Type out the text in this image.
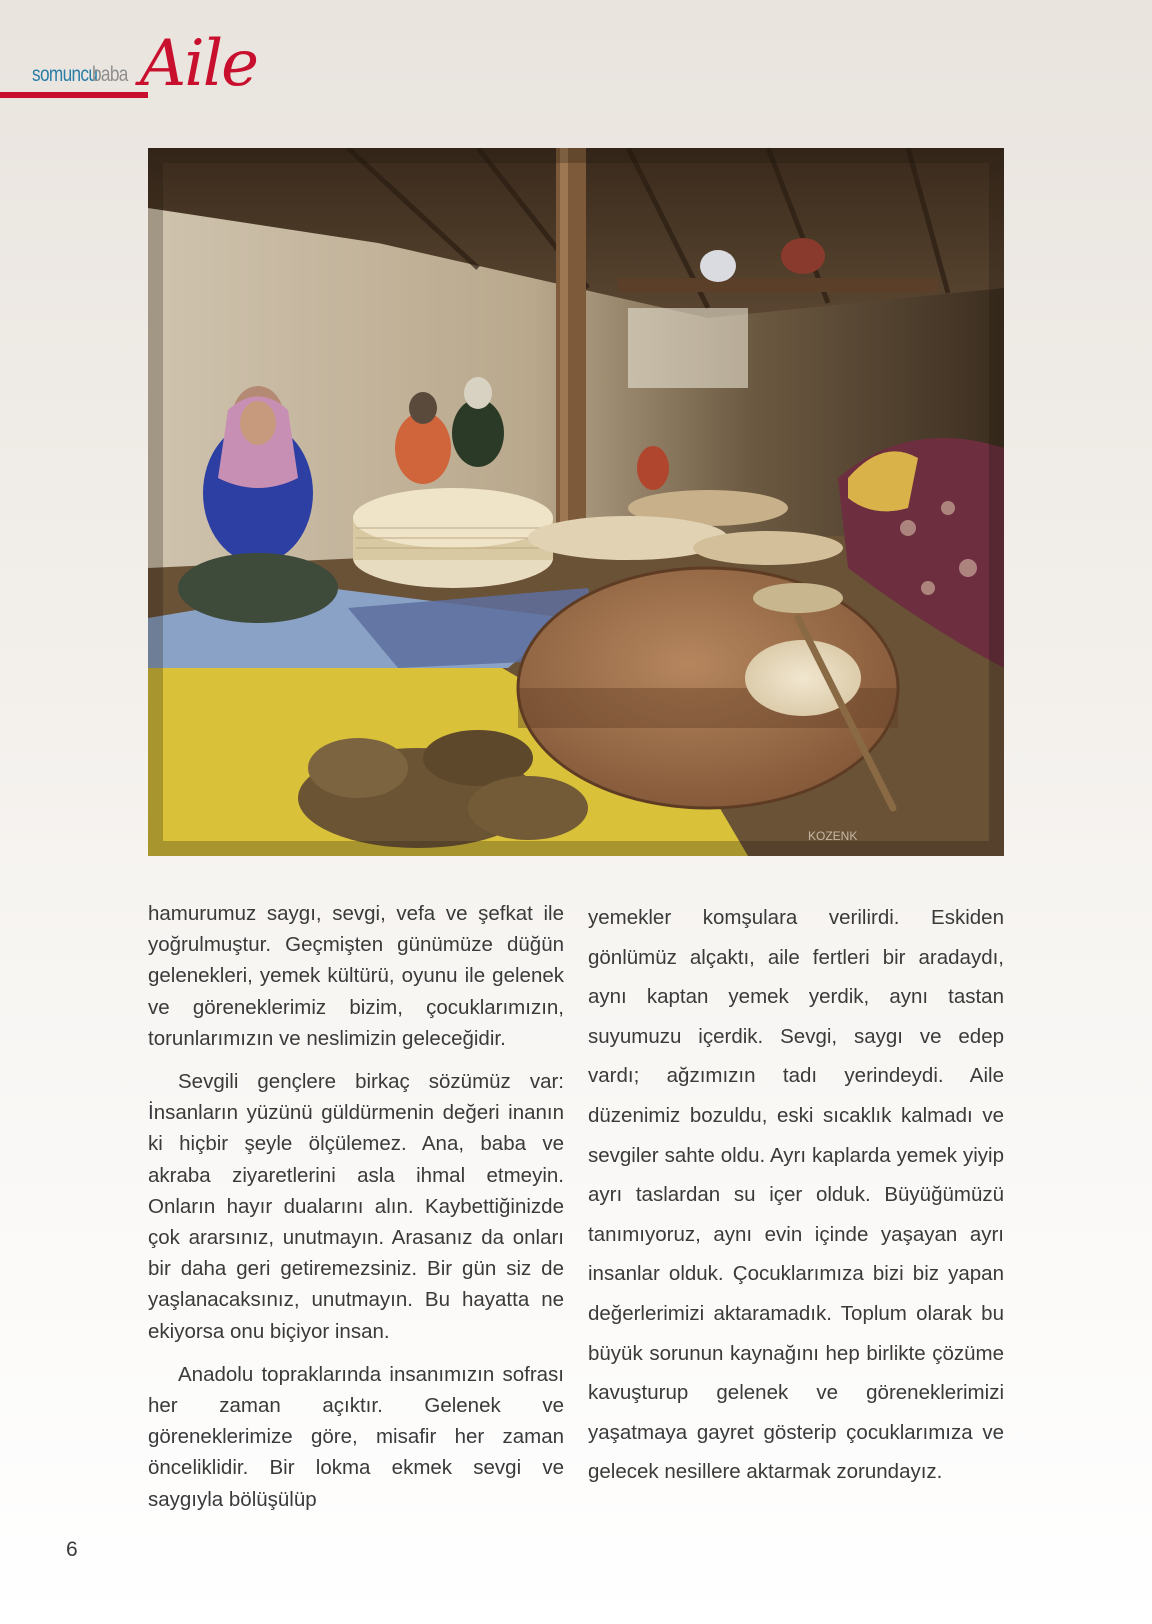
somuncu
baba Aile
KOZENK

hamurumuz saygı, sevgi, vefa ve şefkat ile yoğrulmuştur. Geçmişten günümüze düğün gelenekleri, yemek kültürü, oyunu ile gelenek ve göreneklerimiz bizim, çocuklarımızın, torunlarımızın ve neslimizin geleceğidir.

Sevgili gençlere birkaç sözümüz var: İnsanların yüzünü güldürmenin değeri inanın ki hiçbir şeyle ölçülemez. Ana, baba ve akraba ziyaretlerini asla ihmal etmeyin. Onların hayır dualarını alın. Kaybettiğinizde çok ararsınız, unutmayın. Arasanız da onları bir daha geri getiremezsiniz. Bir gün siz de yaşlanacaksınız, unutmayın. Bu hayatta ne ekiyorsa onu biçiyor insan.

Anadolu topraklarında insanımızın sofrası her zaman açıktır. Gelenek ve göreneklerimize göre, misafir her zaman önceliklidir. Bir lokma ekmek sevgi ve saygıyla bölüşülüp

yemekler komşulara verilirdi. Eskiden gönlümüz alçaktı, aile fertleri bir aradaydı, aynı kaptan yemek yerdik, aynı tastan suyumuzu içerdik. Sevgi, saygı ve edep vardı; ağzımızın tadı yerindeydi. Aile düzenimiz bozuldu, eski sıcaklık kalmadı ve sevgiler sahte oldu. Ayrı kaplarda yemek yiyip ayrı taslardan su içer olduk. Büyüğümüzü tanımıyoruz, aynı evin içinde yaşayan ayrı insanlar olduk. Çocuklarımıza bizi biz yapan değerlerimizi aktaramadık. Toplum olarak bu büyük sorunun kaynağını hep birlikte çözüme kavuşturup gelenek ve göreneklerimizi yaşatmaya gayret gösterip çocuklarımıza ve gelecek nesillere aktarmak zorundayız.

6
